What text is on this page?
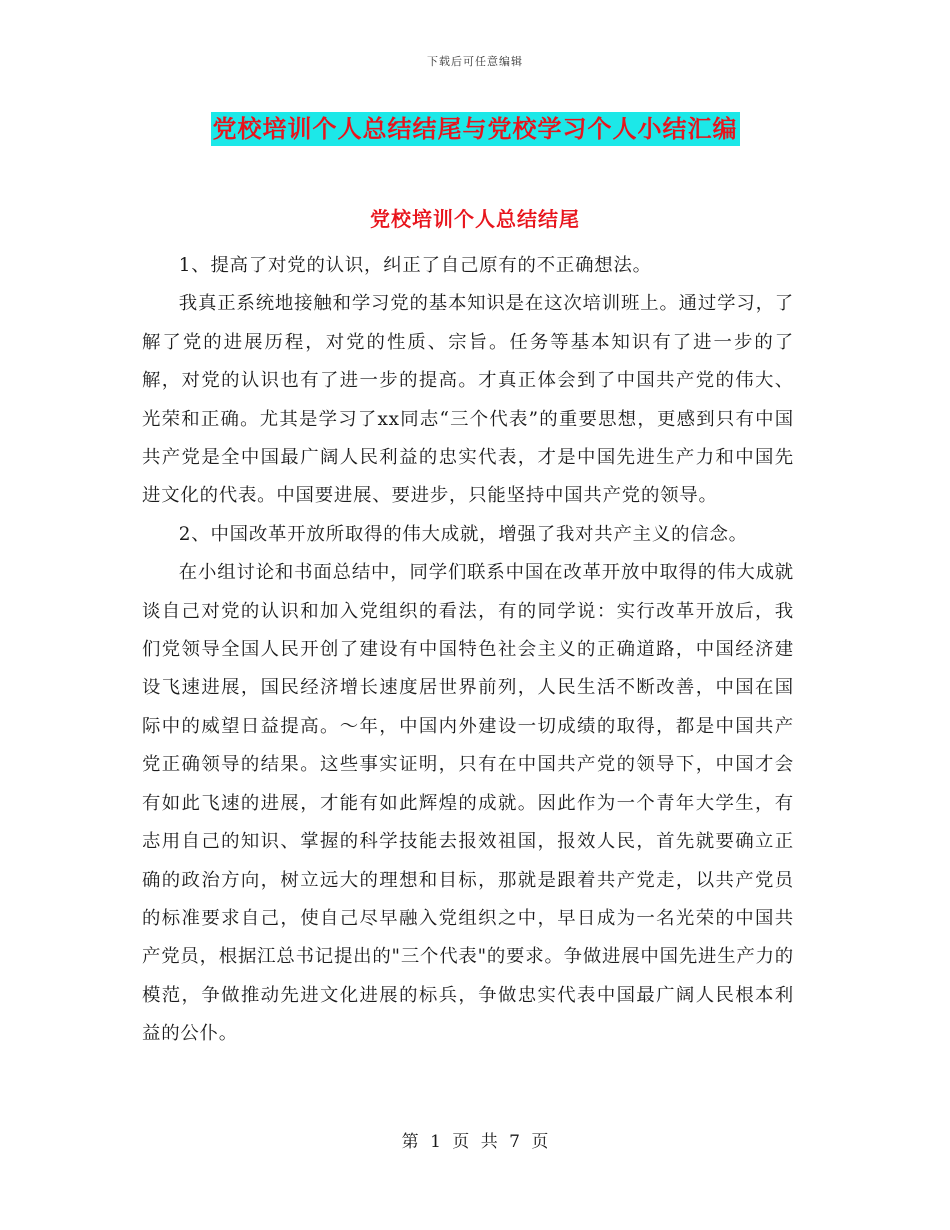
下载后可任意编辑
党校培训个人总结结尾与党校学习个人小结汇编
党校培训个人总结结尾

1、提高了对党的认识，纠正了自己原有的不正确想法。

我真正系统地接触和学习党的基本知识是在这次培训班上。通过学习，了解了党的进展历程，对党的性质、宗旨。任务等基本知识有了进一步的了解，对党的认识也有了进一步的提高。才真正体会到了中国共产党的伟大、光荣和正确。尤其是学习了xx同志“三个代表”的重要思想，更感到只有中国共产党是全中国最广阔人民利益的忠实代表，才是中国先进生产力和中国先进文化的代表。中国要进展、要进步，只能坚持中国共产党的领导。

2、中国改革开放所取得的伟大成就，增强了我对共产主义的信念。

在小组讨论和书面总结中，同学们联系中国在改革开放中取得的伟大成就谈自己对党的认识和加入党组织的看法，有的同学说：实行改革开放后，我们党领导全国人民开创了建设有中国特色社会主义的正确道路，中国经济建设飞速进展，国民经济增长速度居世界前列，人民生活不断改善，中国在国际中的威望日益提高。～年，中国内外建设一切成绩的取得，都是中国共产党正确领导的结果。这些事实证明，只有在中国共产党的领导下，中国才会有如此飞速的进展，才能有如此辉煌的成就。因此作为一个青年大学生，有志用自己的知识、掌握的科学技能去报效祖国，报效人民，首先就要确立正确的政治方向，树立远大的理想和目标，那就是跟着共产党走，以共产党员的标准要求自己，使自己尽早融入党组织之中，早日成为一名光荣的中国共产党员，根据江总书记提出的"三个代表"的要求。争做进展中国先进生产力的模范，争做推动先进文化进展的标兵，争做忠实代表中国最广阔人民根本利益的公仆。

第 1 页 共 7 页
